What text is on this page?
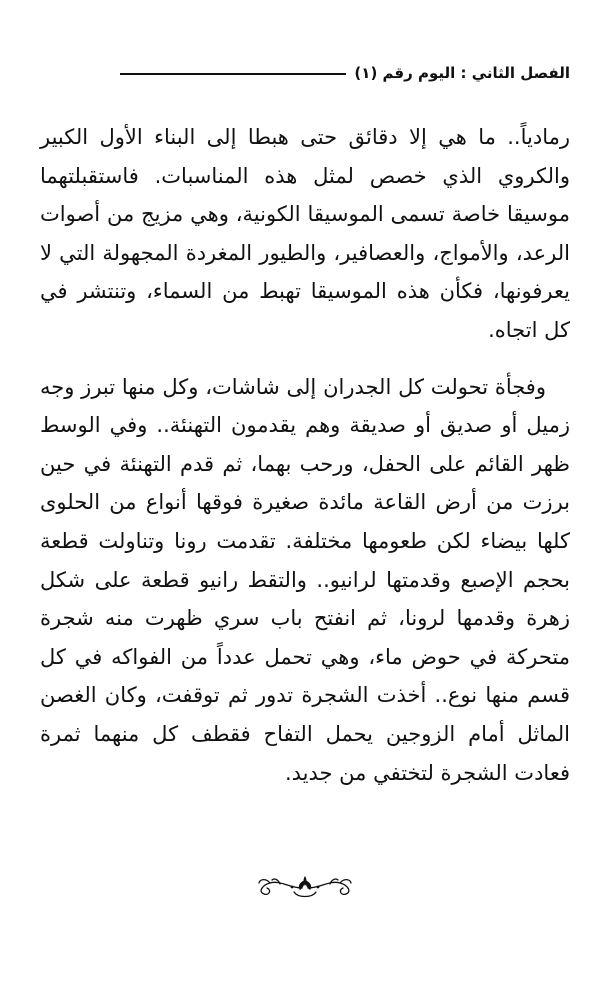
الفصل الثاني : اليوم رقم (١)

رمادياً.. ما هي إلا دقائق حتى هبطا إلى البناء الأول الكبير والكروي الذي خصص لمثل هذه المناسبات. فاستقبلتهما موسيقا خاصة تسمى الموسيقا الكونية، وهي مزيج من أصوات الرعد، والأمواج، والعصافير، والطيور المغردة المجهولة التي لا يعرفونها، فكأن هذه الموسيقا تهبط من السماء، وتنتشر في كل اتجاه.

وفجأة تحولت كل الجدران إلى شاشات، وكل منها تبرز وجه زميل أو صديق أو صديقة وهم يقدمون التهنئة.. وفي الوسط ظهر القائم على الحفل، ورحب بهما، ثم قدم التهنئة في حين برزت من أرض القاعة مائدة صغيرة فوقها أنواع من الحلوى كلها بيضاء لكن طعومها مختلفة. تقدمت رونا وتناولت قطعة بحجم الإصبع وقدمتها لرانيو.. والتقط رانيو قطعة على شكل زهرة وقدمها لرونا، ثم انفتح باب سري ظهرت منه شجرة متحركة في حوض ماء، وهي تحمل عدداً من الفواكه في كل قسم منها نوع.. أخذت الشجرة تدور ثم توقفت، وكان الغصن الماثل أمام الزوجين يحمل التفاح فقطف كل منهما ثمرة فعادت الشجرة لتختفي من جديد.
